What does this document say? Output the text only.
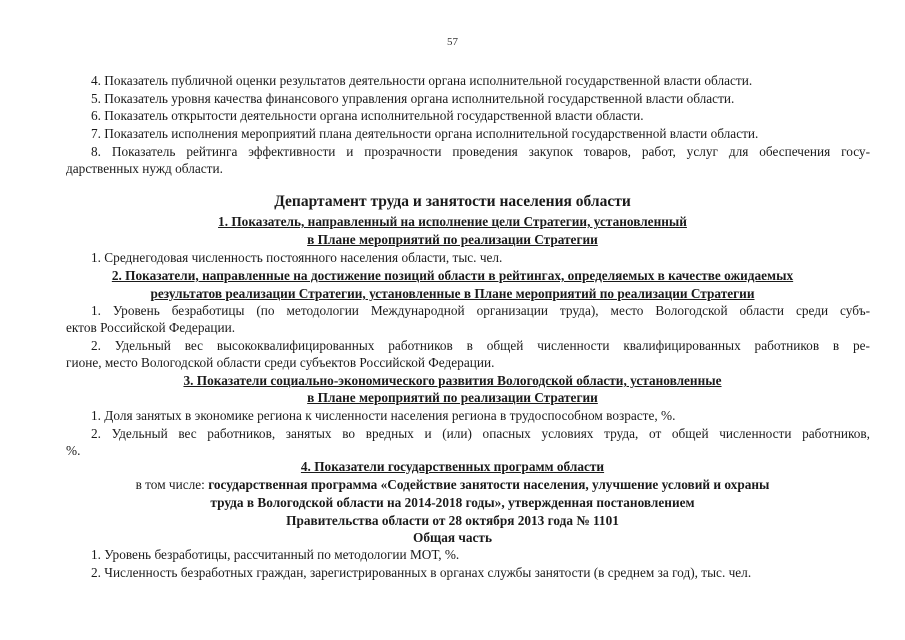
57
4. Показатель публичной оценки результатов деятельности органа исполнительной государственной власти области.
5. Показатель уровня качества финансового управления органа исполнительной государственной власти области.
6. Показатель открытости деятельности органа исполнительной государственной власти области.
7. Показатель исполнения мероприятий плана деятельности органа исполнительной государственной власти области.
8. Показатель рейтинга эффективности и прозрачности проведения закупок товаров, работ, услуг для обеспечения госу-
дарственных нужд области.
Департамент труда и занятости населения области
1. Показатель, направленный на исполнение цели Стратегии, установленный
в Плане мероприятий по реализации Стратегии
1. Среднегодовая численность постоянного населения области, тыс. чел.
2. Показатели, направленные на достижение позиций области в рейтингах, определяемых в качестве ожидаемых
результатов реализации Стратегии, установленные в Плане мероприятий по реализации Стратегии
1. Уровень безработицы (по методологии Международной организации труда), место Вологодской области среди субъ-
ектов Российской Федерации.
2. Удельный вес высококвалифицированных работников в общей численности квалифицированных работников в ре-
гионе, место Вологодской области среди субъектов Российской Федерации.
3. Показатели социально-экономического развития Вологодской области, установленные
в Плане мероприятий по реализации Стратегии
1. Доля занятых в экономике региона к численности населения региона в трудоспособном возрасте, %.
2. Удельный вес работников, занятых во вредных и (или) опасных условиях труда, от общей численности работников,
%.
4. Показатели государственных программ области
в том числе: государственная программа «Содействие занятости населения, улучшение условий и охраны
труда в Вологодской области на 2014-2018 годы», утвержденная постановлением
Правительства области от 28 октября 2013 года № 1101
Общая часть
1. Уровень безработицы, рассчитанный по методологии МОТ, %.
2. Численность безработных граждан, зарегистрированных в органах службы занятости (в среднем за год), тыс. чел.
